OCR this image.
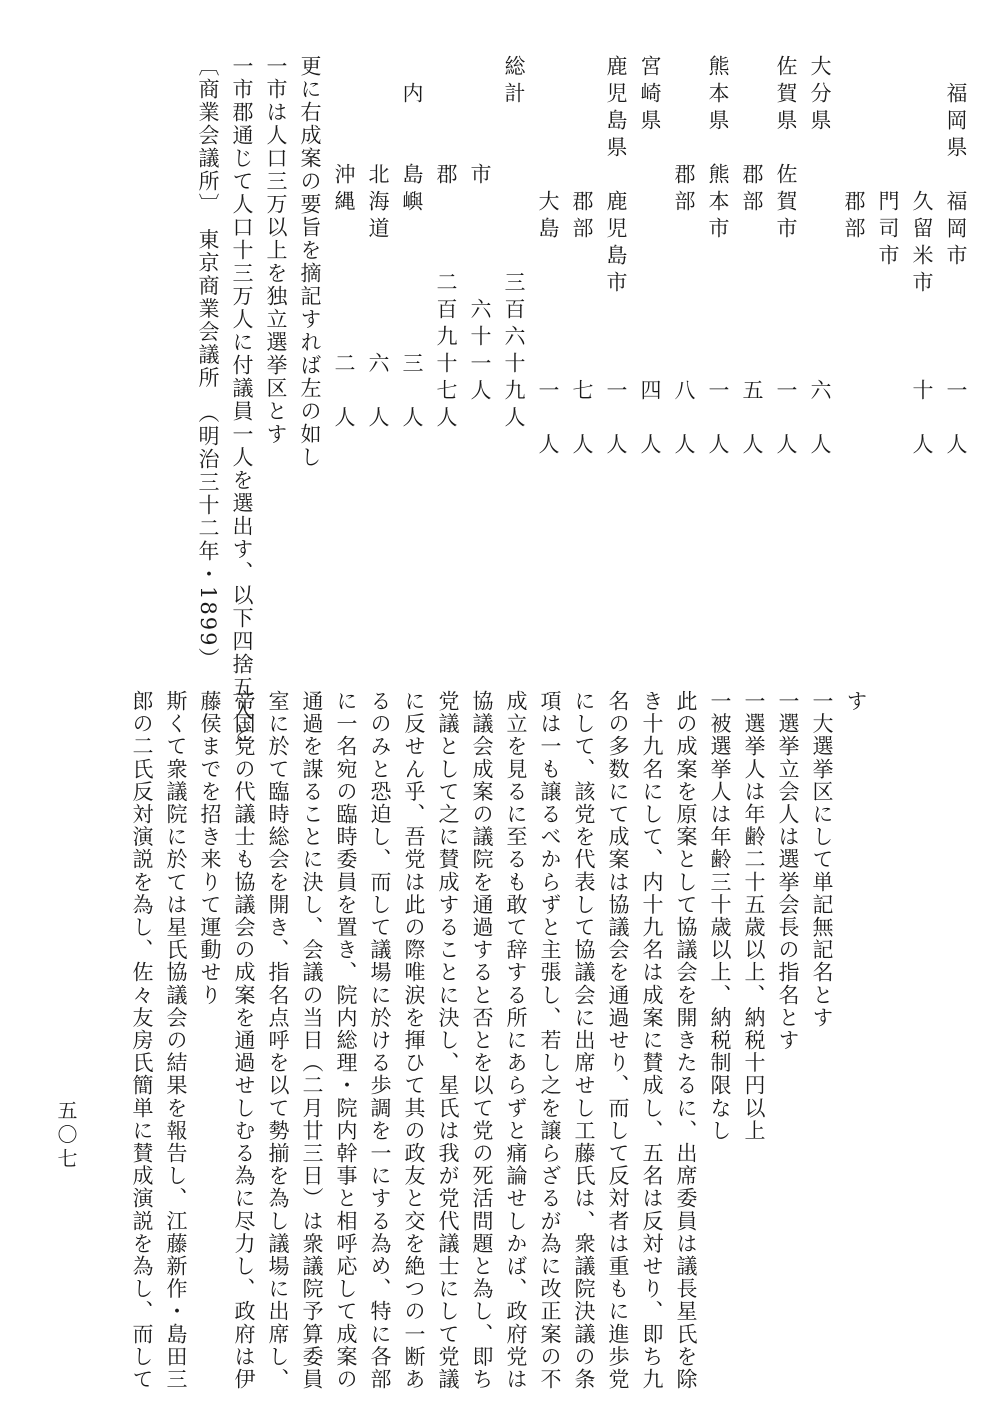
　福岡県　福岡市　　　　一　人
　　　　　久留米市　　　十　人
　　　　　門司市
　　　　　郡部
大分県　　　　　　　　　六　人
佐賀県　佐賀市　　　　　一　人
　　　　郡部　　　　　　五　人
熊本県　熊本市　　　　　一　人
　　　　郡部　　　　　　八　人
宮崎県　　　　　　　　　四　人
鹿児島県　鹿児島市　　　一　人
　　　　　郡部　　　　　七　人
　　　　　大島　　　　　一　人
総計　　　　　　三百六十九人
　　　　市　　　　六十一人
　　　　郡　　　二百九十七人
　内　　島嶼　　　　　三　人
　　　　北海道　　　　六　人
　　　　沖縄　　　　　二　人
更に右成案の要旨を摘記すれば左の如し
一市は人口三万以上を独立選挙区とす
一市郡通じて人口十三万人に付議員一人を選出す、以下四捨五入と
〔商業会議所〕　東京商業会議所　（明治三十二年・1899）
す
一大選挙区にして単記無記名とす
一選挙立会人は選挙会長の指名とす
一選挙人は年齢二十五歳以上、納税十円以上
一被選挙人は年齢三十歳以上、納税制限なし
此の成案を原案として協議会を開きたるに、出席委員は議長星氏を除
き十九名にして、内十九名は成案に賛成し、五名は反対せり、即ち九
名の多数にて成案は協議会を通過せり、而して反対者は重もに進歩党
にして、該党を代表して協議会に出席せし工藤氏は、衆議院決議の条
項は一も譲るべからずと主張し、若し之を譲らざるが為に改正案の不
成立を見るに至るも敢て辞する所にあらずと痛論せしかば、政府党は
協議会成案の議院を通過すると否とを以て党の死活問題と為し、即ち
党議として之に賛成することに決し、星氏は我が党代議士にして党議
に反せん乎、吾党は此の際唯涙を揮ひて其の政友と交を絶つの一断あ
るのみと恐迫し、而して議場に於ける歩調を一にする為め、特に各部
に一名宛の臨時委員を置き、院内総理・院内幹事と相呼応して成案の
通過を謀ることに決し、会議の当日（二月廿三日）は衆議院予算委員
室に於て臨時総会を開き、指名点呼を以て勢揃を為し議場に出席し、
帝国党の代議士も協議会の成案を通過せしむる為に尽力し、政府は伊
藤侯までを招き来りて運動せり
斯くて衆議院に於ては星氏協議会の結果を報告し、江藤新作・島田三
郎の二氏反対演説を為し、佐々友房氏簡単に賛成演説を為し、而して
五〇七
